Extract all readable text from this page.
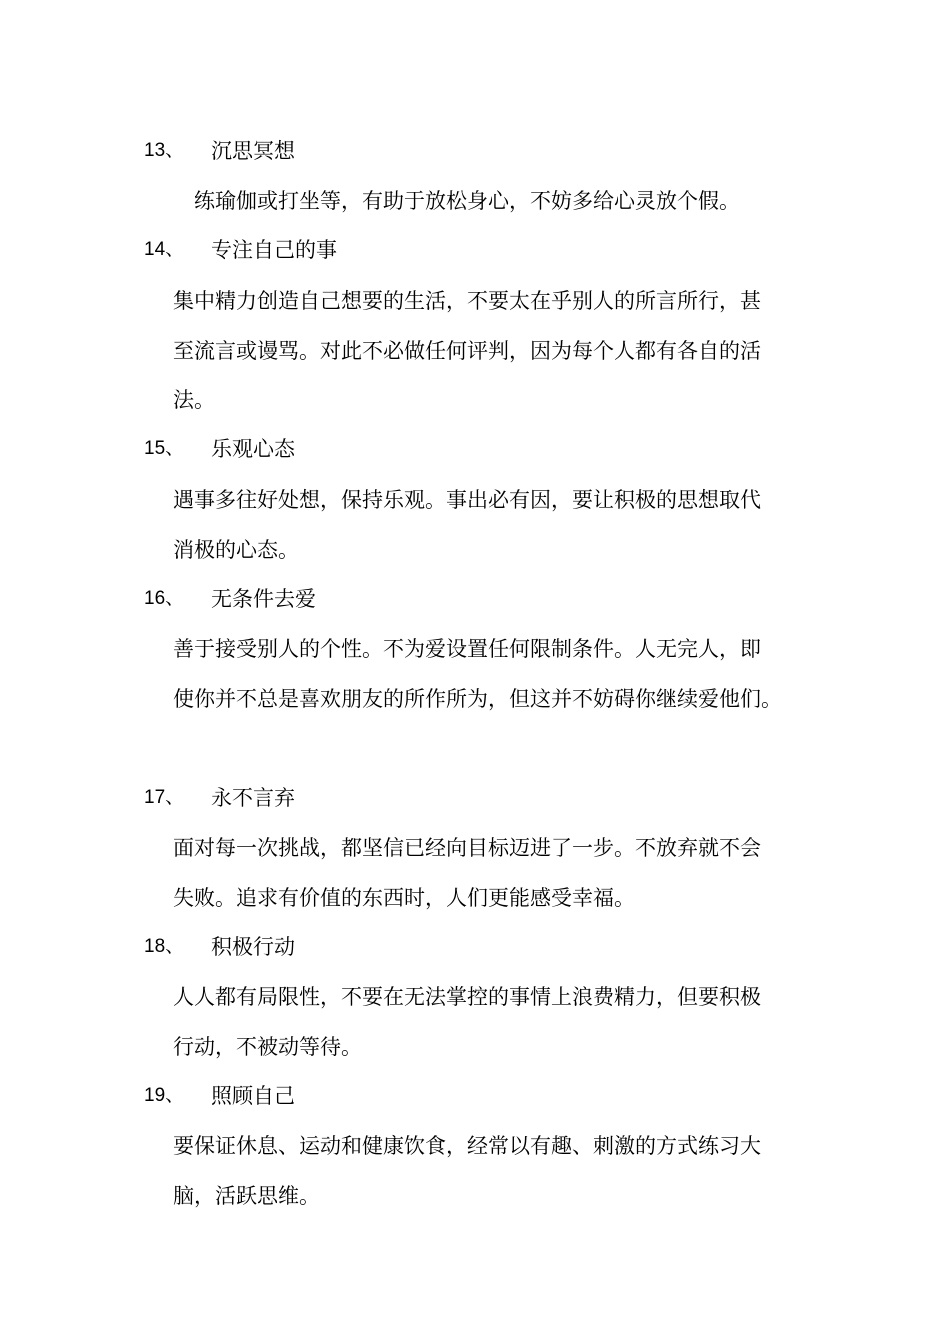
13、 沉思冥想
练瑜伽或打坐等，有助于放松身心，不妨多给心灵放个假。
14、 专注自己的事
集中精力创造自己想要的生活，不要太在乎别人的所言所行，甚
至流言或谩骂。对此不必做任何评判，因为每个人都有各自的活
法。
15、 乐观心态
遇事多往好处想，保持乐观。事出必有因，要让积极的思想取代
消极的心态。
16、 无条件去爱
善于接受别人的个性。不为爱设置任何限制条件。人无完人，即
使你并不总是喜欢朋友的所作所为，但这并不妨碍你继续爱他们。
17、 永不言弃
面对每一次挑战，都坚信已经向目标迈进了一步。不放弃就不会
失败。追求有价值的东西时，人们更能感受幸福。
18、 积极行动
人人都有局限性，不要在无法掌控的事情上浪费精力，但要积极
行动，不被动等待。
19、 照顾自己
要保证休息、运动和健康饮食，经常以有趣、刺激的方式练习大
脑，活跃思维。
